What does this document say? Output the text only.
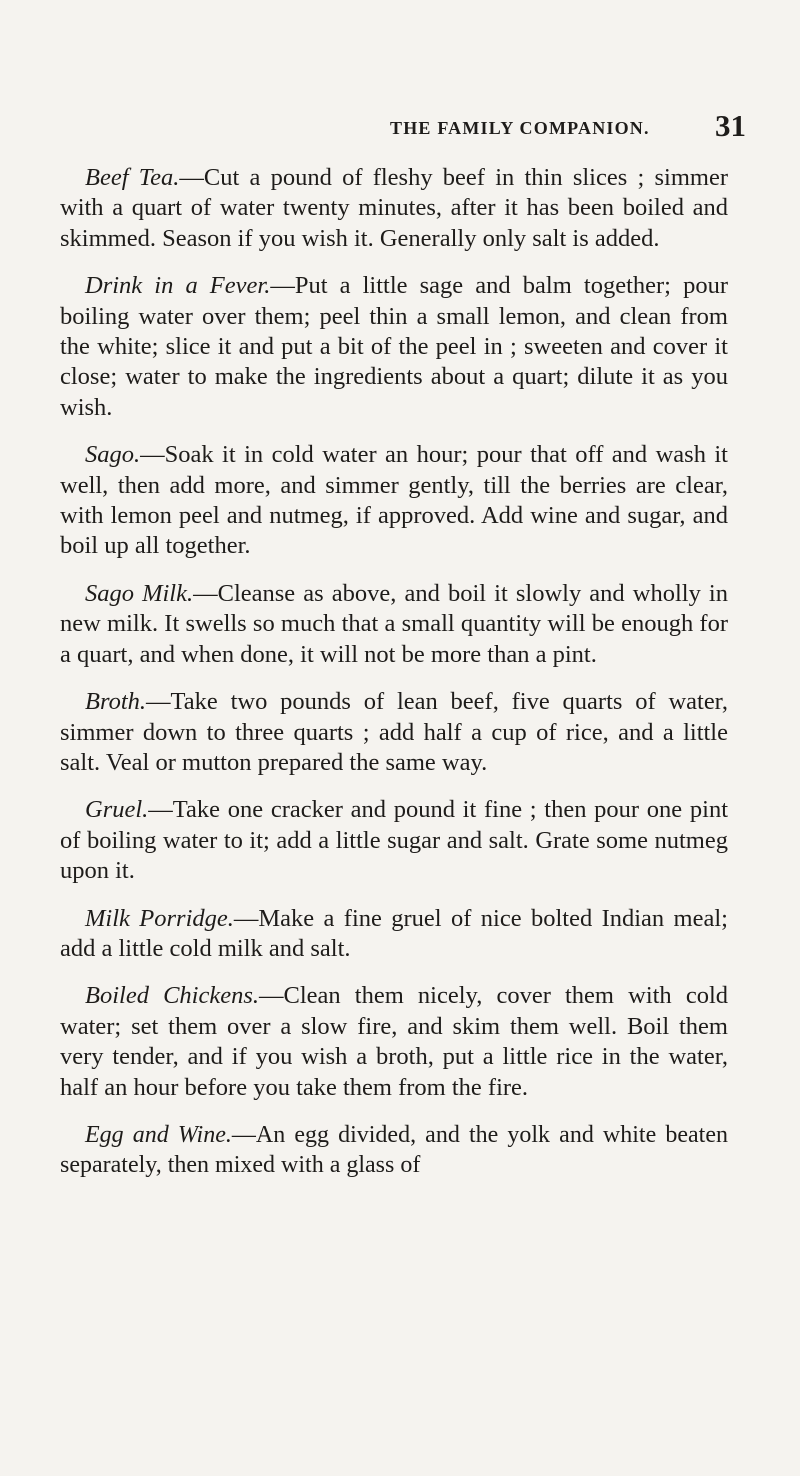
THE FAMILY COMPANION. 31

Beef Tea.—Cut a pound of fleshy beef in thin slices ; simmer with a quart of water twenty minutes, after it has been boiled and skimmed. Season if you wish it. Generally only salt is added.

Drink in a Fever.—Put a little sage and balm together; pour boiling water over them; peel thin a small lemon, and clean from the white; slice it and put a bit of the peel in ; sweeten and cover it close; water to make the ingredients about a quart; dilute it as you wish.

Sago.—Soak it in cold water an hour; pour that off and wash it well, then add more, and simmer gently, till the berries are clear, with lemon peel and nutmeg, if approved. Add wine and sugar, and boil up all together.

Sago Milk.—Cleanse as above, and boil it slowly and wholly in new milk. It swells so much that a small quantity will be enough for a quart, and when done, it will not be more than a pint.

Broth.—Take two pounds of lean beef, five quarts of water, simmer down to three quarts ; add half a cup of rice, and a little salt. Veal or mutton prepared the same way.

Gruel.—Take one cracker and pound it fine ; then pour one pint of boiling water to it; add a little sugar and salt. Grate some nutmeg upon it.

Milk Porridge.—Make a fine gruel of nice bolted Indian meal; add a little cold milk and salt.

Boiled Chickens.—Clean them nicely, cover them with cold water; set them over a slow fire, and skim them well. Boil them very tender, and if you wish a broth, put a little rice in the water, half an hour before you take them from the fire.

Egg and Wine.—An egg divided, and the yolk and white beaten separately, then mixed with a glass of
